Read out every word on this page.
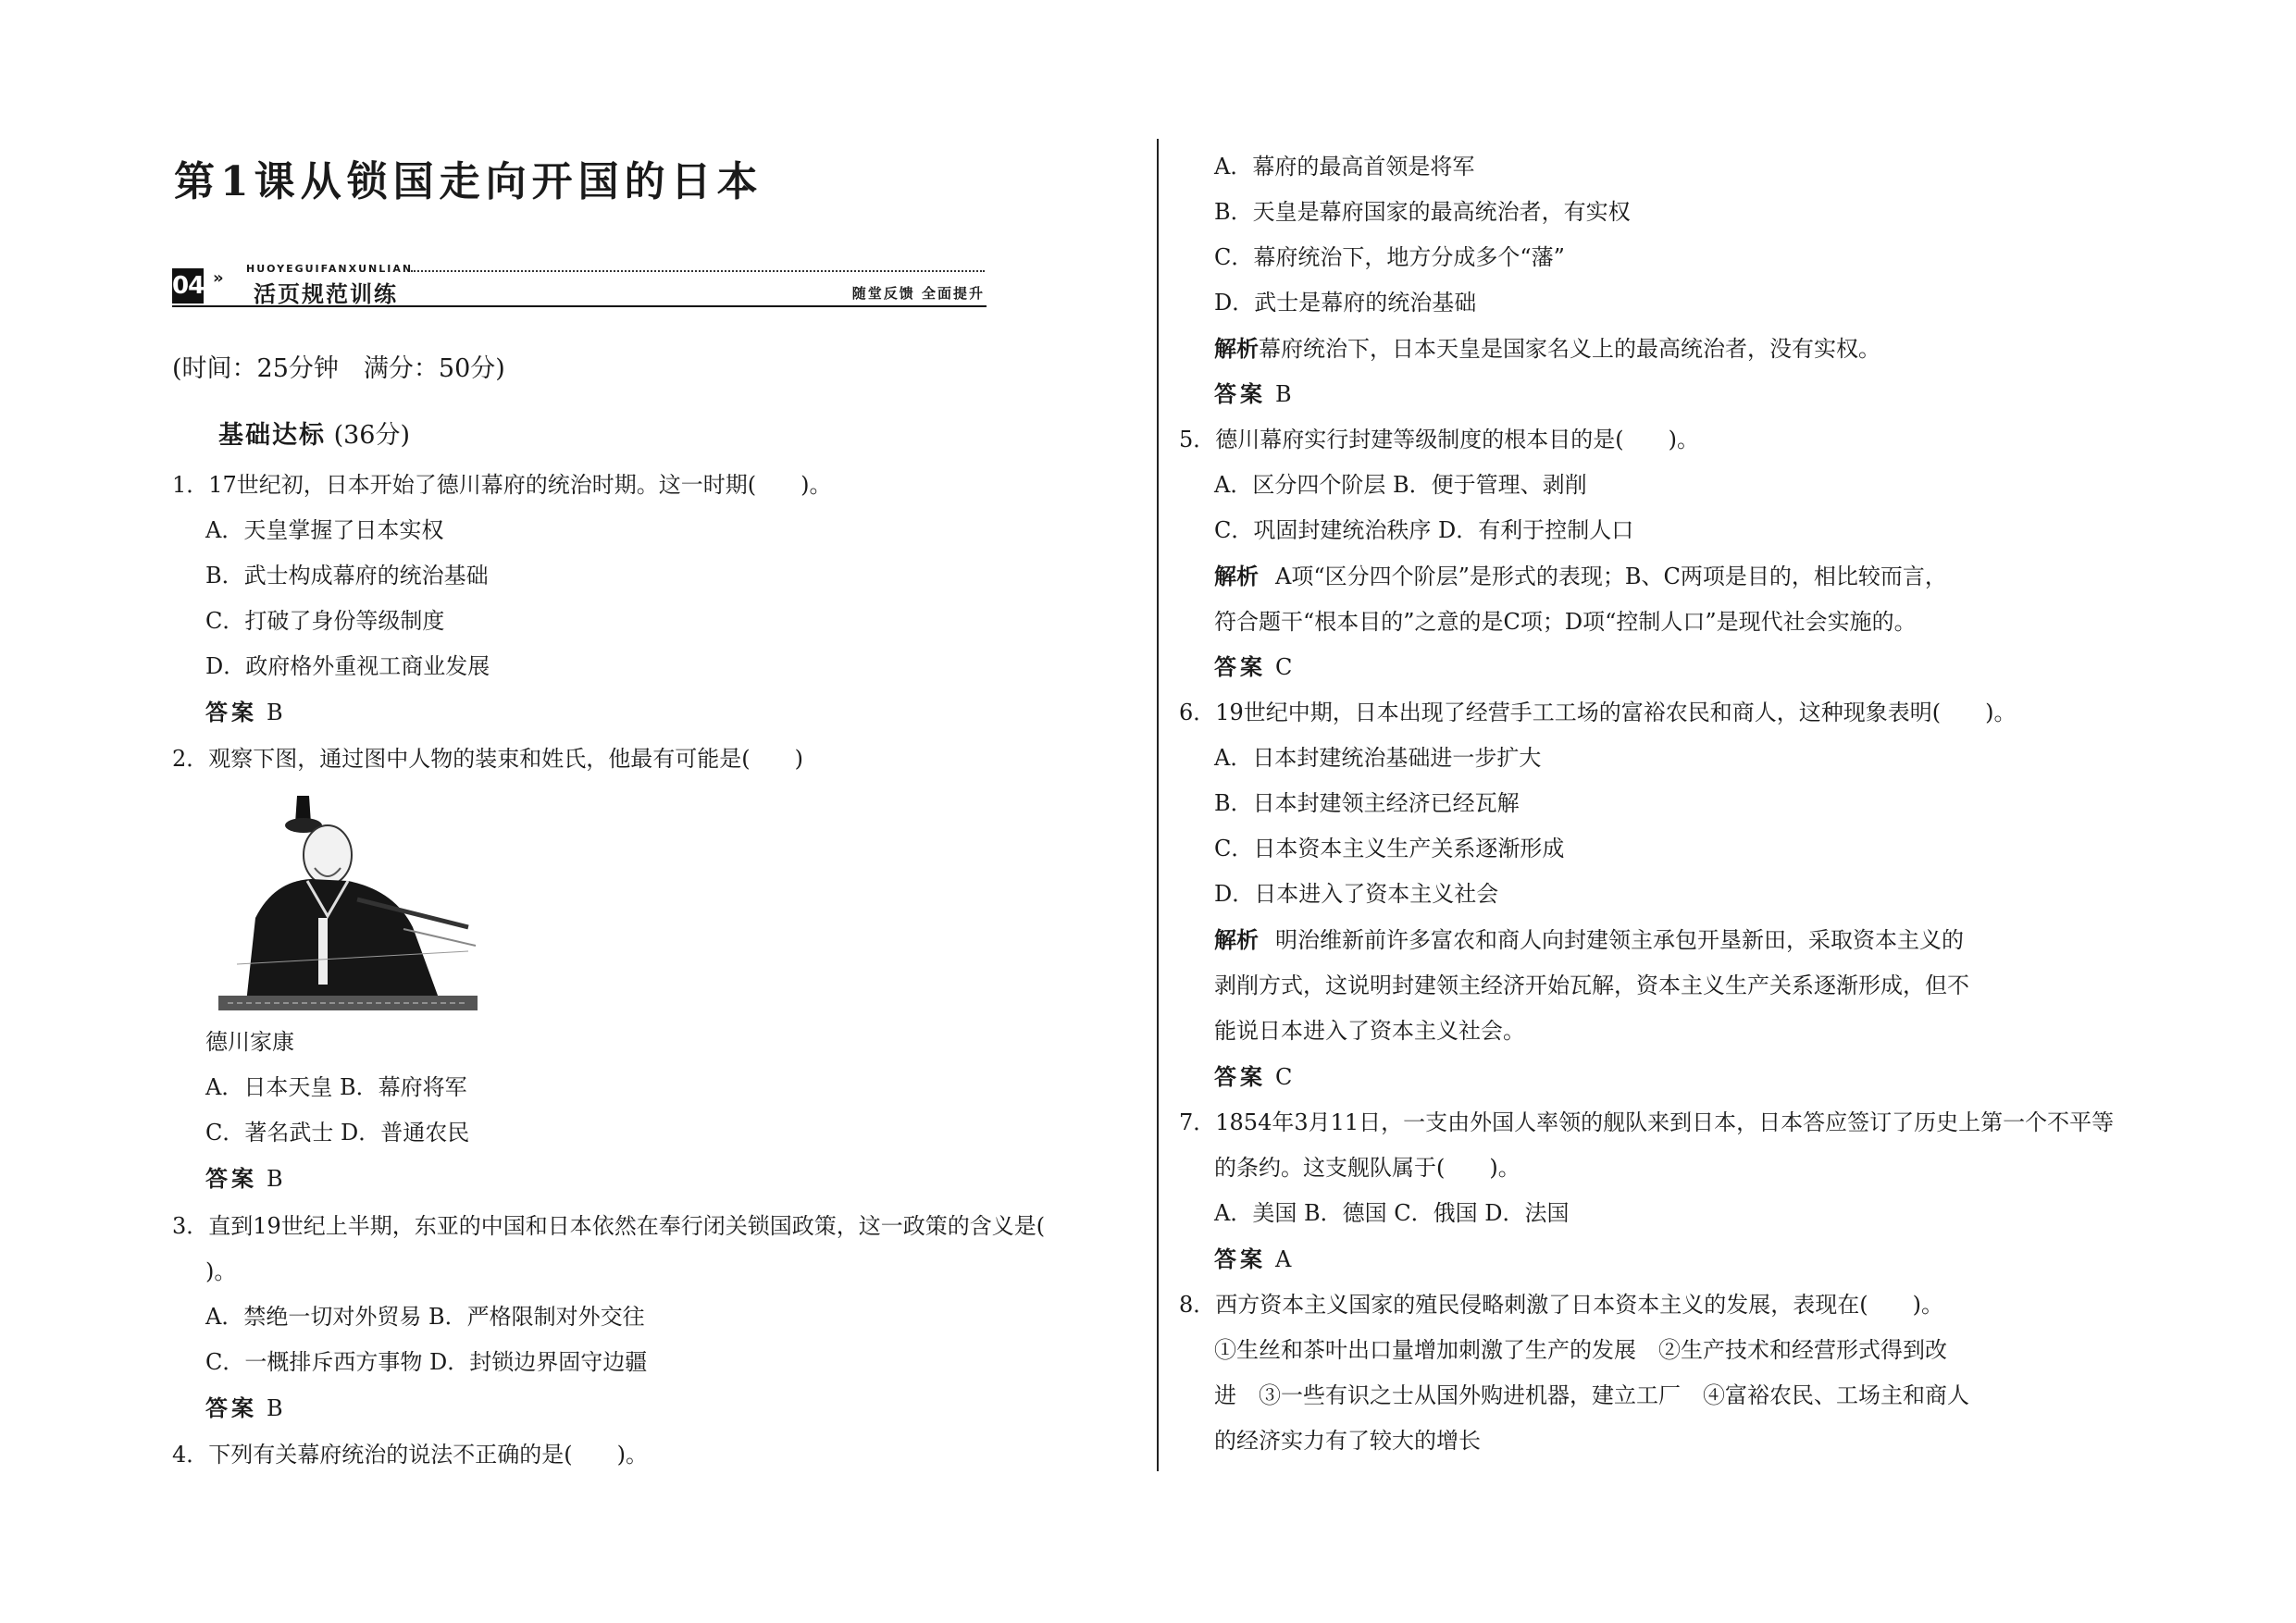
第1课从锁国走向开国的日本
04 » HUOYEGUIFANXUNLIAN
活页规范训练	随堂反馈 全面提升
(时间：25分钟　满分：50分)
基础达标 (36分)
1．17世纪初，日本开始了德川幕府的统治时期。这一时期(　　)。
A．天皇掌握了日本实权
B．武士构成幕府的统治基础
C．打破了身份等级制度
D．政府格外重视工商业发展
答案 B
2．观察下图，通过图中人物的装束和姓氏，他最有可能是(　　)
德川家康
A．日本天皇 B．幕府将军
C．著名武士 D．普通农民
答案 B
3．直到19世纪上半期，东亚的中国和日本依然在奉行闭关锁国政策，这一政策的含义是(
)。
A．禁绝一切对外贸易 B．严格限制对外交往
C．一概排斥西方事物 D．封锁边界固守边疆
答案 B
4．下列有关幕府统治的说法不正确的是(　　)。
A．幕府的最高首领是将军
B．天皇是幕府国家的最高统治者，有实权
C．幕府统治下，地方分成多个“藩”
D．武士是幕府的统治基础
解析幕府统治下，日本天皇是国家名义上的最高统治者，没有实权。
答案 B
5．德川幕府实行封建等级制度的根本目的是(　　)。
A．区分四个阶层 B．便于管理、剥削
C．巩固封建统治秩序 D．有利于控制人口
解析 A项“区分四个阶层”是形式的表现；B、C两项是目的，相比较而言，
符合题干“根本目的”之意的是C项；D项“控制人口”是现代社会实施的。
答案 C
6．19世纪中期，日本出现了经营手工工场的富裕农民和商人，这种现象表明(　　)。
A．日本封建统治基础进一步扩大
B．日本封建领主经济已经瓦解
C．日本资本主义生产关系逐渐形成
D．日本进入了资本主义社会
解析 明治维新前许多富农和商人向封建领主承包开垦新田，采取资本主义的
剥削方式，这说明封建领主经济开始瓦解，资本主义生产关系逐渐形成，但不
能说日本进入了资本主义社会。
答案 C
7．1854年3月11日，一支由外国人率领的舰队来到日本，日本答应签订了历史上第一个不平等
的条约。这支舰队属于(　　)。
A．美国 B．德国 C．俄国 D．法国
答案 A
8．西方资本主义国家的殖民侵略刺激了日本资本主义的发展，表现在(　　)。
①生丝和茶叶出口量增加刺激了生产的发展　②生产技术和经营形式得到改
进　③一些有识之士从国外购进机器，建立工厂　④富裕农民、工场主和商人
的经济实力有了较大的增长
